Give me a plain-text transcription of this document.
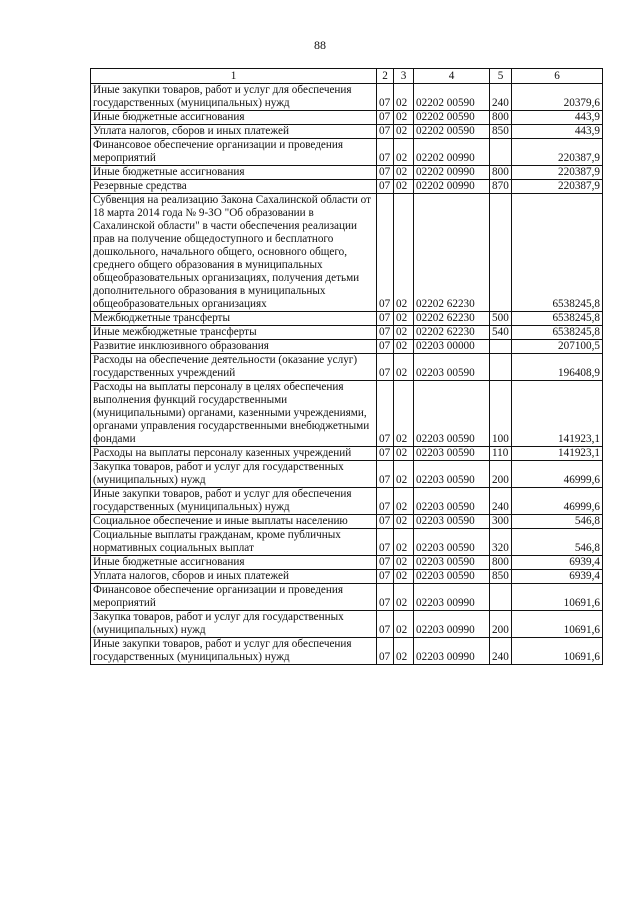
88
1	2	3	4	5	6
Иные закупки товаров, работ и услуг для обеспечения государственных (муниципальных) нужд	07	02	02202 00590	240	20379,6
Иные бюджетные ассигнования	07	02	02202 00590	800	443,9
Уплата налогов, сборов и иных платежей	07	02	02202 00590	850	443,9
Финансовое обеспечение организации и проведения мероприятий	07	02	02202 00990		220387,9
Иные бюджетные ассигнования	07	02	02202 00990	800	220387,9
Резервные средства	07	02	02202 00990	870	220387,9
Субвенция на реализацию Закона Сахалинской области от 18 марта 2014 года № 9-ЗО "Об образовании в Сахалинской области" в части обеспечения реализации прав на получение общедоступного и бесплатного дошкольного, начального общего, основного общего, среднего общего образования в муниципальных общеобразовательных организациях, получения детьми дополнительного образования в муниципальных общеобразовательных организациях	07	02	02202 62230		6538245,8
Межбюджетные трансферты	07	02	02202 62230	500	6538245,8
Иные межбюджетные трансферты	07	02	02202 62230	540	6538245,8
Развитие инклюзивного образования	07	02	02203 00000		207100,5
Расходы на обеспечение деятельности (оказание услуг) государственных учреждений	07	02	02203 00590		196408,9
Расходы на выплаты персоналу в целях обеспечения выполнения функций государственными (муниципальными) органами, казенными учреждениями, органами управления государственными внебюджетными фондами	07	02	02203 00590	100	141923,1
Расходы на выплаты персоналу казенных учреждений	07	02	02203 00590	110	141923,1
Закупка товаров, работ и услуг для государственных (муниципальных) нужд	07	02	02203 00590	200	46999,6
Иные закупки товаров, работ и услуг для обеспечения государственных (муниципальных) нужд	07	02	02203 00590	240	46999,6
Социальное обеспечение и иные выплаты населению	07	02	02203 00590	300	546,8
Социальные выплаты гражданам, кроме публичных нормативных социальных выплат	07	02	02203 00590	320	546,8
Иные бюджетные ассигнования	07	02	02203 00590	800	6939,4
Уплата налогов, сборов и иных платежей	07	02	02203 00590	850	6939,4
Финансовое обеспечение организации и проведения мероприятий	07	02	02203 00990		10691,6
Закупка товаров, работ и услуг для государственных (муниципальных) нужд	07	02	02203 00990	200	10691,6
Иные закупки товаров, работ и услуг для обеспечения государственных (муниципальных) нужд	07	02	02203 00990	240	10691,6
